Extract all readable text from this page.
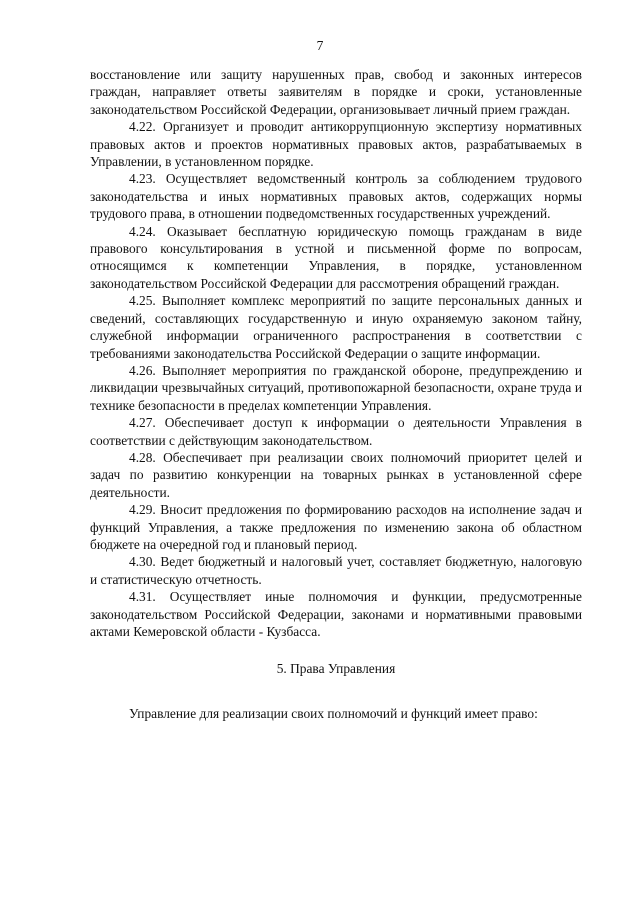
7

восстановление или защиту нарушенных прав, свобод и законных интересов граждан, направляет ответы заявителям в порядке и сроки, установленные законодательством Российской Федерации, организовывает личный прием граждан.

4.22. Организует и проводит антикоррупционную экспертизу нормативных правовых актов и проектов нормативных правовых актов, разрабатываемых в Управлении, в установленном порядке.

4.23. Осуществляет ведомственный контроль за соблюдением трудового законодательства и иных нормативных правовых актов, содержащих нормы трудового права, в отношении подведомственных государственных учреждений.

4.24. Оказывает бесплатную юридическую помощь гражданам в виде правового консультирования в устной и письменной форме по вопросам, относящимся к компетенции Управления, в порядке, установленном законодательством Российской Федерации для рассмотрения обращений граждан.

4.25. Выполняет комплекс мероприятий по защите персональных данных и сведений, составляющих государственную и иную охраняемую законом тайну, служебной информации ограниченного распространения в соответствии с требованиями законодательства Российской Федерации о защите информации.

4.26. Выполняет мероприятия по гражданской обороне, предупреждению и ликвидации чрезвычайных ситуаций, противопожарной безопасности, охране труда и технике безопасности в пределах компетенции Управления.

4.27. Обеспечивает доступ к информации о деятельности Управления в соответствии с действующим законодательством.

4.28. Обеспечивает при реализации своих полномочий приоритет целей и задач по развитию конкуренции на товарных рынках в установленной сфере деятельности.

4.29. Вносит предложения по формированию расходов на исполнение задач и функций Управления, а также предложения по изменению закона об областном бюджете на очередной год и плановый период.

4.30. Ведет бюджетный и налоговый учет, составляет бюджетную, налоговую и статистическую отчетность.

4.31. Осуществляет иные полномочия и функции, предусмотренные законодательством Российской Федерации, законами и нормативными правовыми актами Кемеровской области - Кузбасса.

5. Права Управления

Управление для реализации своих полномочий и функций имеет право:
